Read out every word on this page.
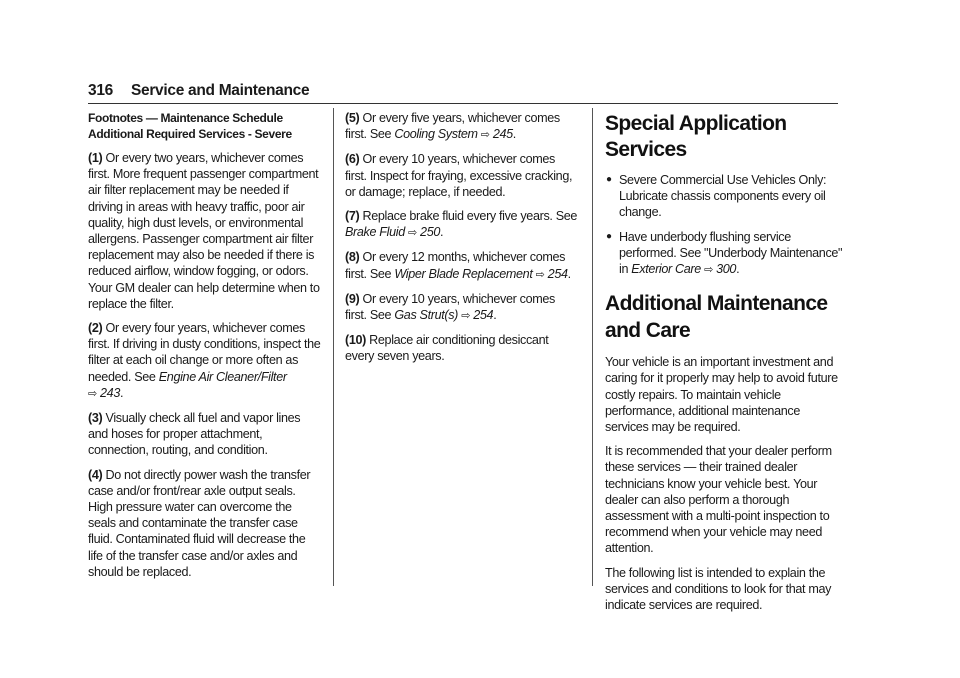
316 Service and Maintenance
Footnotes — Maintenance Schedule Additional Required Services - Severe

(1) Or every two years, whichever comes first. More frequent passenger compartment air filter replacement may be needed if driving in areas with heavy traffic, poor air quality, high dust levels, or environmental allergens. Passenger compartment air filter replacement may also be needed if there is reduced airflow, window fogging, or odors. Your GM dealer can help determine when to replace the filter.

(2) Or every four years, whichever comes first. If driving in dusty conditions, inspect the filter at each oil change or more often as needed. See Engine Air Cleaner/Filter
⇨ 243.

(3) Visually check all fuel and vapor lines and hoses for proper attachment, connection, routing, and condition.

(4) Do not directly power wash the transfer case and/or front/rear axle output seals. High pressure water can overcome the seals and contaminate the transfer case fluid. Contaminated fluid will decrease the life of the transfer case and/or axles and should be replaced.

(5) Or every five years, whichever comes first. See Cooling System ⇨ 245.

(6) Or every 10 years, whichever comes first. Inspect for fraying, excessive cracking, or damage; replace, if needed.

(7) Replace brake fluid every five years. See
Brake Fluid ⇨ 250.

(8) Or every 12 months, whichever comes first. See Wiper Blade Replacement ⇨ 254.

(9) Or every 10 years, whichever comes first. See Gas Strut(s) ⇨ 254.

(10) Replace air conditioning desiccant every seven years.

Special Application Services
● Severe Commercial Use Vehicles Only: Lubricate chassis components every oil change.
● Have underbody flushing service performed. See "Underbody Maintenance" in Exterior Care ⇨ 300.
Additional Maintenance
and Care

Your vehicle is an important investment and caring for it properly may help to avoid future costly repairs. To maintain vehicle performance, additional maintenance services may be required.

It is recommended that your dealer perform these services — their trained dealer technicians know your vehicle best. Your dealer can also perform a thorough assessment with a multi-point inspection to recommend when your vehicle may need attention.

The following list is intended to explain the services and conditions to look for that may indicate services are required.
